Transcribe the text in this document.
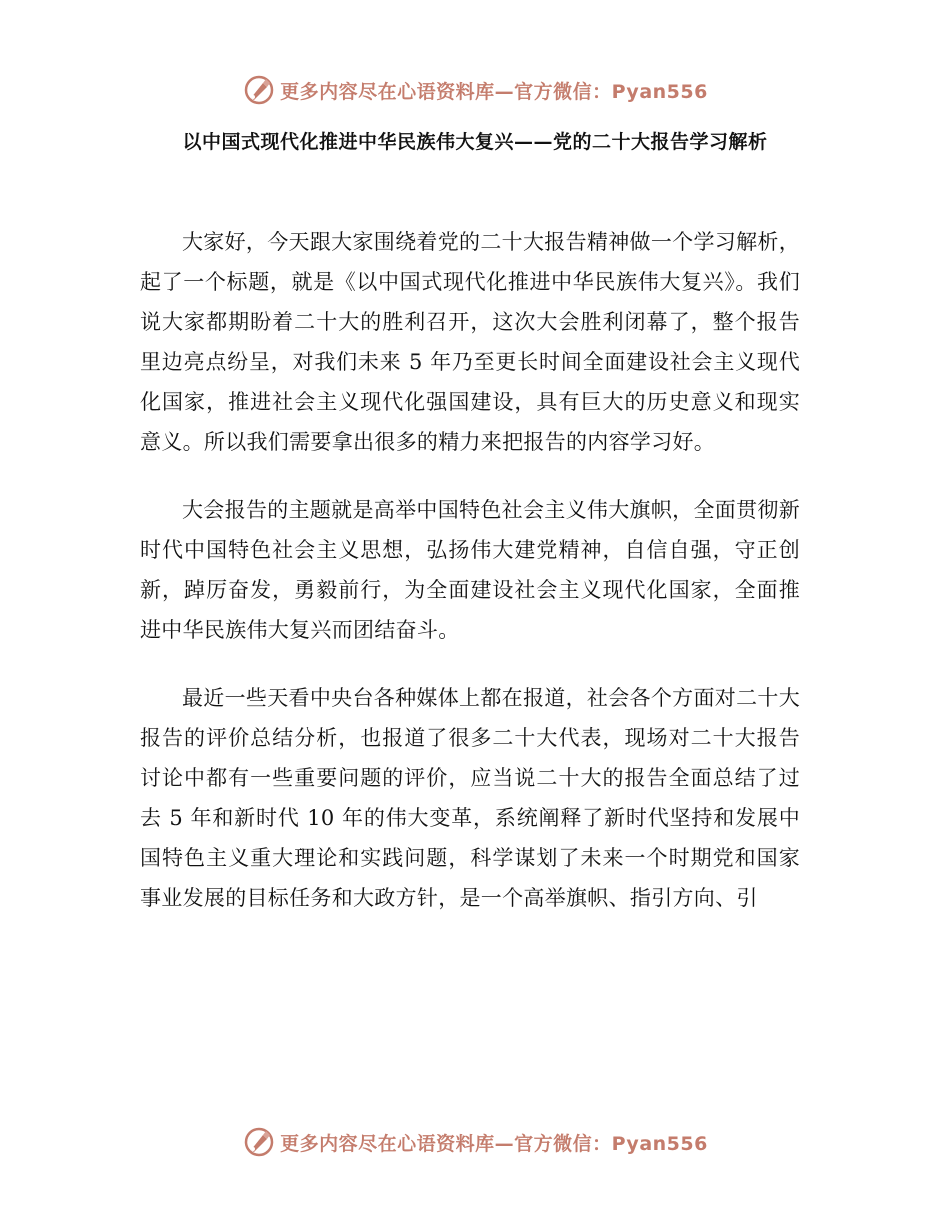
更多内容尽在心语资料库—官方微信：Pyan556
以中国式现代化推进中华民族伟大复兴——党的二十大报告学习解析

大家好，今天跟大家围绕着党的二十大报告精神做一个学习解析，起了一个标题，就是《以中国式现代化推进中华民族伟大复兴》。我们说大家都期盼着二十大的胜利召开，这次大会胜利闭幕了，整个报告里边亮点纷呈，对我们未来 5 年乃至更长时间全面建设社会主义现代化国家，推进社会主义现代化强国建设，具有巨大的历史意义和现实意义。所以我们需要拿出很多的精力来把报告的内容学习好。

大会报告的主题就是高举中国特色社会主义伟大旗帜，全面贯彻新时代中国特色社会主义思想，弘扬伟大建党精神，自信自强，守正创新，踔厉奋发，勇毅前行，为全面建设社会主义现代化国家，全面推进中华民族伟大复兴而团结奋斗。

最近一些天看中央台各种媒体上都在报道，社会各个方面对二十大报告的评价总结分析，也报道了很多二十大代表，现场对二十大报告讨论中都有一些重要问题的评价，应当说二十大的报告全面总结了过去 5 年和新时代 10 年的伟大变革，系统阐释了新时代坚持和发展中国特色主义重大理论和实践问题，科学谋划了未来一个时期党和国家事业发展的目标任务和大政方针，是一个高举旗帜、指引方向、引

更多内容尽在心语资料库—官方微信：Pyan556
